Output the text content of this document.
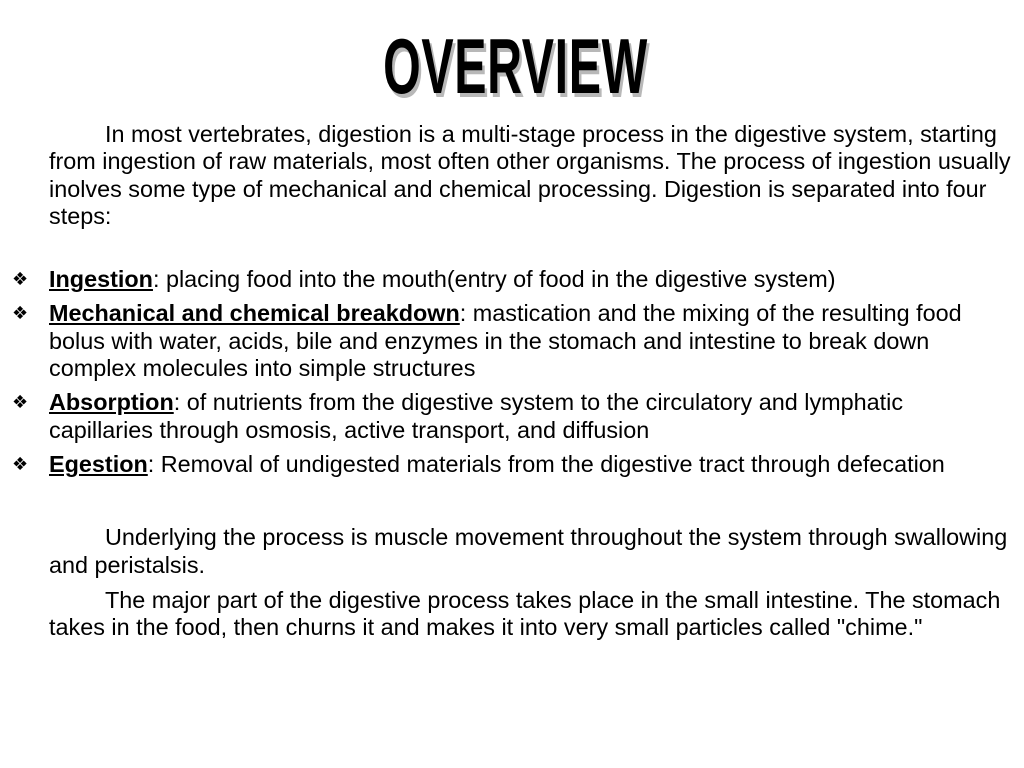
OVERVIEW

In most vertebrates, digestion is a multi-stage process in the digestive system, starting from ingestion of raw materials, most often other organisms. The process of ingestion usually inolves some type of mechanical and chemical processing. Digestion is separated into four steps:

❖ Ingestion: placing food into the mouth(entry of food in the digestive system)
❖ Mechanical and chemical breakdown: mastication and the mixing of the resulting food bolus with water, acids, bile and enzymes in the stomach and intestine to break down complex molecules into simple structures
❖ Absorption: of nutrients from the digestive system to the circulatory and lymphatic capillaries through osmosis, active transport, and diffusion
❖ Egestion: Removal of undigested materials from the digestive tract through defecation

Underlying the process is muscle movement throughout the system through swallowing and peristalsis.

The major part of the digestive process takes place in the small intestine. The stomach takes in the food, then churns it and makes it into very small particles called "chime."
